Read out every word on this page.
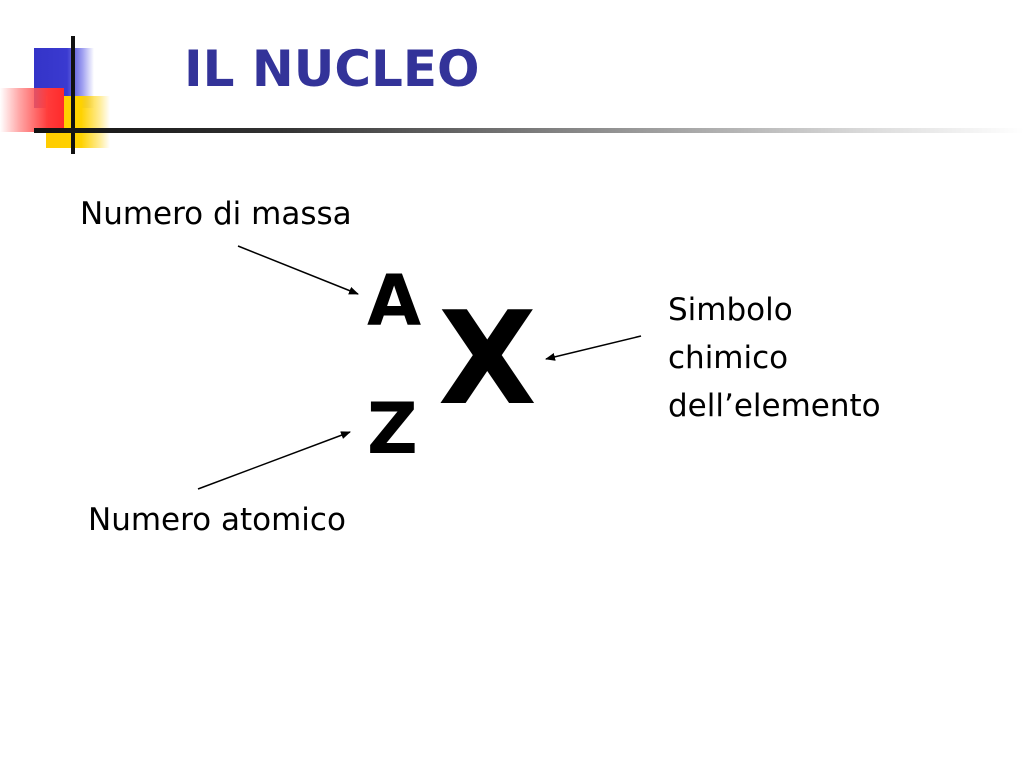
IL NUCLEO
Numero di massa
A
Z X	Simbolo
chimico
dell’elemento
Numero atomico
